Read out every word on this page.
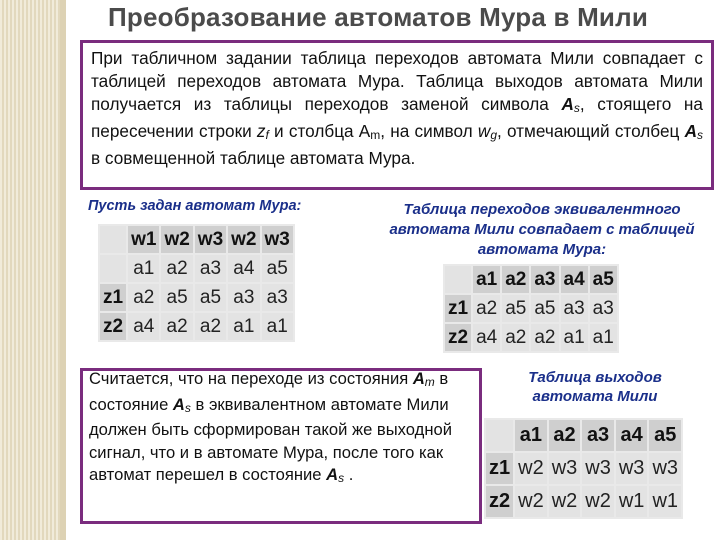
Преобразование автоматов Мура в Мили

При табличном задании таблица переходов автомата Мили совпадает с таблицей переходов автомата Мура. Таблица выходов автомата Мили получается из таблицы переходов заменой символа As, стоящего на пересечении строки zf и столбца Am, на символ wg, отмечающий столбец As в совмещенной таблице автомата Мура.

Пусть задан автомат Мура:	Таблица переходов эквивалентного автомата Мили совпадает с таблицей автомата Мура:
	w1	w2	w3	w2	w3
	a1	a2	a3	a4	a5
z1	a2	a5	a5	a3	a3
z2	a4	a2	a2	a1	a1
	a1	a2	a3	a4	a5
z1	a2	a5	a5	a3	a3
z2	a4	a2	a2	a1	a1

Считается, что на переходе из состояния Am в состояние As в эквивалентном автомате Мили должен быть сформирован такой же выходной сигнал, что и в автомате Мура, после того как автомат перешел в состояние As .

Таблица выходов автомата Мили
	a1	a2	a3	a4	a5
z1	w2	w3	w3	w3	w3
z2	w2	w2	w2	w1	w1
